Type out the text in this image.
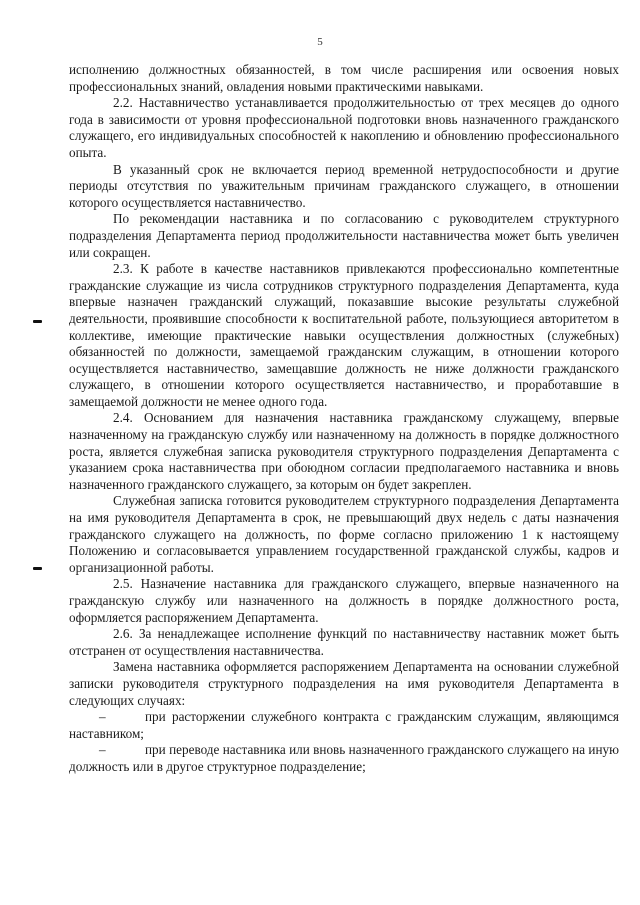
5

исполнению должностных обязанностей, в том числе расширения или освоения новых профессиональных знаний, овладения новыми практическими навыками.

2.2. Наставничество устанавливается продолжительностью от трех месяцев до одного года в зависимости от уровня профессиональной подготовки вновь назначенного гражданского служащего, его индивидуальных способностей к накоплению и обновлению профессионального опыта.

В указанный срок не включается период временной нетрудоспособности и другие периоды отсутствия по уважительным причинам гражданского служащего, в отношении которого осуществляется наставничество.

По рекомендации наставника и по согласованию с руководителем структурного подразделения Департамента период продолжительности наставничества может быть увеличен или сокращен.

2.3. К работе в качестве наставников привлекаются профессионально компетентные гражданские служащие из числа сотрудников структурного подразделения Департамента, куда впервые назначен гражданский служащий, показавшие высокие результаты служебной деятельности, проявившие способности к воспитательной работе, пользующиеся авторитетом в коллективе, имеющие практические навыки осуществления должностных (служебных) обязанностей по должности, замещаемой гражданским служащим, в отношении которого осуществляется наставничество, замещавшие должность не ниже должности гражданского служащего, в отношении которого осуществляется наставничество, и проработавшие в замещаемой должности не менее одного года.

2.4. Основанием для назначения наставника гражданскому служащему, впервые назначенному на гражданскую службу или назначенному на должность в порядке должностного роста, является служебная записка руководителя структурного подразделения Департамента с указанием срока наставничества при обоюдном согласии предполагаемого наставника и вновь назначенного гражданского служащего, за которым он будет закреплен.

Служебная записка готовится руководителем структурного подразделения Департамента на имя руководителя Департамента в срок, не превышающий двух недель с даты назначения гражданского служащего на должность, по форме согласно приложению 1 к настоящему Положению и согласовывается управлением государственной гражданской службы, кадров и организационной работы.

2.5. Назначение наставника для гражданского служащего, впервые назначенного на гражданскую службу или назначенного на должность в порядке должностного роста, оформляется распоряжением Департамента.

2.6. За ненадлежащее исполнение функций по наставничеству наставник может быть отстранен от осуществления наставничества.

Замена наставника оформляется распоряжением Департамента на основании служебной записки руководителя структурного подразделения на имя руководителя Департамента в следующих случаях:

–	при расторжении служебного контракта с гражданским служащим, являющимся наставником;

–	при переводе наставника или вновь назначенного гражданского служащего на иную должность или в другое структурное подразделение;
